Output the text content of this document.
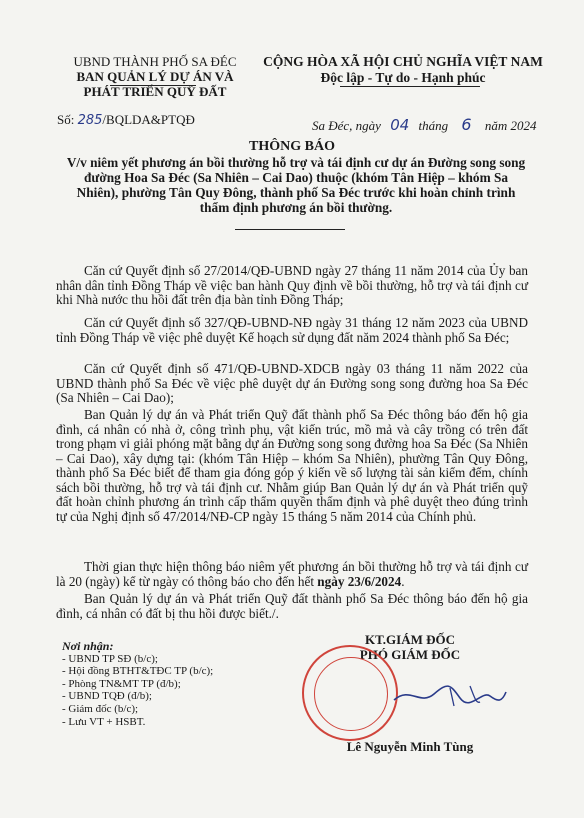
UBND THÀNH PHỐ SA ĐÉC
BAN QUẢN LÝ DỰ ÁN VÀ
PHÁT TRIỂN QUỸ ĐẤT
CỘNG HÒA XÃ HỘI CHỦ NGHĨA VIỆT NAM
Độc lập - Tự do - Hạnh phúc
Số: 285/BQLDA&PTQĐ	Sa Đéc, ngày 04 tháng 6 năm 2024
THÔNG BÁO
V/v niêm yết phương án bồi thường hỗ trợ và tái định cư dự án Đường song song đường Hoa Sa Đéc (Sa Nhiên – Cai Dao) thuộc (khóm Tân Hiệp – khóm Sa Nhiên), phường Tân Quy Đông, thành phố Sa Đéc trước khi hoàn chỉnh trình thẩm định phương án bồi thường.
Căn cứ Quyết định số 27/2014/QĐ-UBND ngày 27 tháng 11 năm 2014 của Ủy ban nhân dân tỉnh Đồng Tháp về việc ban hành Quy định về bồi thường, hỗ trợ và tái định cư khi Nhà nước thu hồi đất trên địa bàn tỉnh Đồng Tháp;
Căn cứ Quyết định số 327/QĐ-UBND-NĐ ngày 31 tháng 12 năm 2023 của UBND tỉnh Đồng Tháp về việc phê duyệt Kế hoạch sử dụng đất năm 2024 thành phố Sa Đéc;
Căn cứ Quyết định số 471/QĐ-UBND-XDCB ngày 03 tháng 11 năm 2022 của UBND thành phố Sa Đéc về việc phê duyệt dự án Đường song song đường hoa Sa Đéc (Sa Nhiên – Cai Dao);
Ban Quản lý dự án và Phát triển Quỹ đất thành phố Sa Đéc thông báo đến hộ gia đình, cá nhân có nhà ở, công trình phụ, vật kiến trúc, mồ mả và cây trồng có trên đất trong phạm vi giải phóng mặt bằng dự án Đường song song đường hoa Sa Đéc (Sa Nhiên – Cai Dao), xây dựng tại: (khóm Tân Hiệp – khóm Sa Nhiên), phường Tân Quy Đông, thành phố Sa Đéc biết để tham gia đóng góp ý kiến về số lượng tài sản kiểm đếm, chính sách bồi thường, hỗ trợ và tái định cư. Nhằm giúp Ban Quản lý dự án và Phát triển quỹ đất hoàn chỉnh phương án trình cấp thẩm quyền thẩm định và phê duyệt theo đúng trình tự của Nghị định số 47/2014/NĐ-CP ngày 15 tháng 5 năm 2014 của Chính phủ.
Thời gian thực hiện thông báo niêm yết phương án bồi thường hỗ trợ và tái định cư là 20 (ngày) kể từ ngày có thông báo cho đến hết ngày 23/6/2024.
Ban Quản lý dự án và Phát triển Quỹ đất thành phố Sa Đéc thông báo đến hộ gia đình, cá nhân có đất bị thu hồi được biết./.
Nơi nhận:
- UBND TP SĐ (b/c);
- Hội đồng BTHT&TĐC TP (b/c);
- Phòng TN&MT TP (đ/b);
- UBND TQĐ (đ/b);
- Giám đốc (b/c);
- Lưu VT + HSBT.
KT.GIÁM ĐỐC
PHÓ GIÁM ĐỐC
Lê Nguyễn Minh Tùng
